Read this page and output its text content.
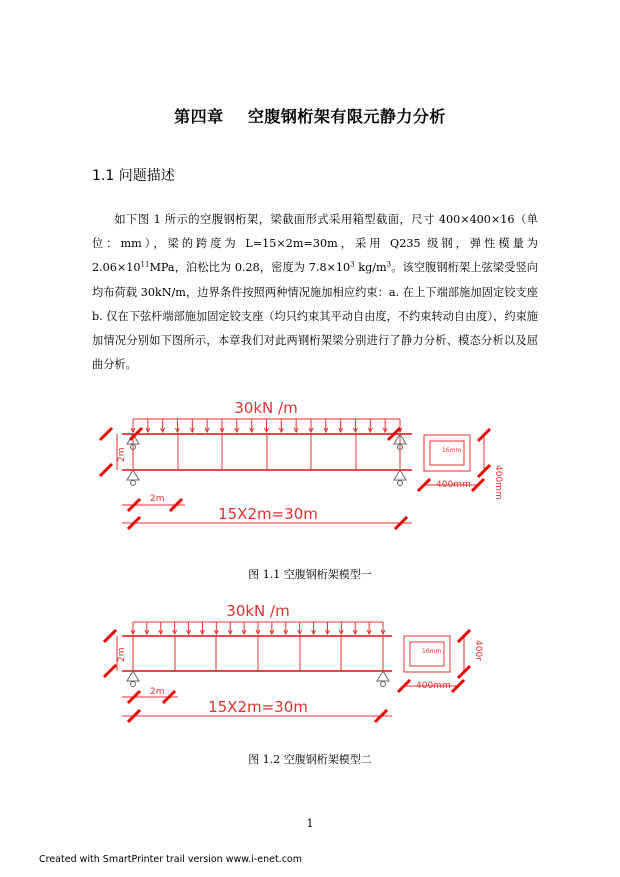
第四章    空腹钢桁架有限元静力分析
1.1 问题描述
如下图 1 所示的空腹钢桁架，梁截面形式采用箱型截面，尺寸 400×400×16（单位：mm），梁的跨度为 L=15×2m=30m，采用 Q235 级钢，弹性模量为 $2.06\times 10^{11}MPa$，泊松比为 0.28，密度为 $7.8\times 10^3$ $kg/m^3$。该空腹钢桁架上弦梁受竖向均布荷载 30kN/m，边界条件按照两种情况施加相应约束：a. 在上下端部施加固定铰支座 b. 仅在下弦杆端部施加固定铰支座（均只约束其平动自由度，不约束转动自由度），约束施加情况分别如下图所示，本章我们对此两钢桁架梁分别进行了静力分析、模态分析以及屈曲分析。
30kN /m
2m
2m
15X2m=30m
16mm
400mm
400mm
图 1.1 空腹钢桁架模型一
30kN /m
2m
2m
15X2m=30m
16mm	400r
400mm
图 1.2 空腹钢桁架模型二
1
Created with SmartPrinter trail version www.i-enet.com
